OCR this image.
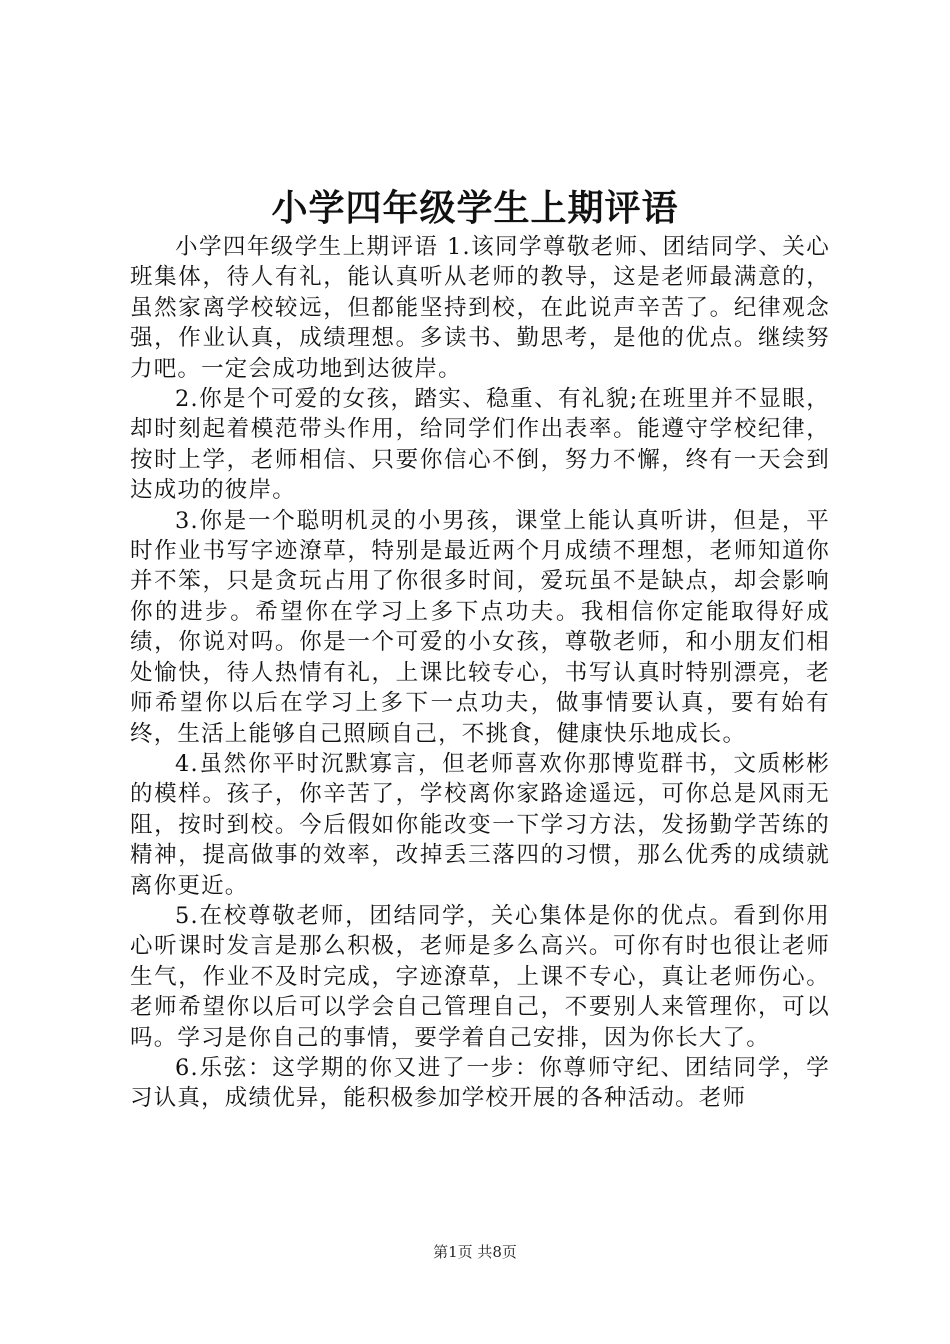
小学四年级学生上期评语

小学四年级学生上期评语 1.该同学尊敬老师、团结同学、关心班集体，待人有礼，能认真听从老师的教导，这是老师最满意的，虽然家离学校较远，但都能坚持到校，在此说声辛苦了。纪律观念强，作业认真，成绩理想。多读书、勤思考，是他的优点。继续努力吧。一定会成功地到达彼岸。

2.你是个可爱的女孩，踏实、稳重、有礼貌;在班里并不显眼，却时刻起着模范带头作用，给同学们作出表率。能遵守学校纪律，按时上学，老师相信、只要你信心不倒，努力不懈，终有一天会到达成功的彼岸。

3.你是一个聪明机灵的小男孩，课堂上能认真听讲，但是，平时作业书写字迹潦草，特别是最近两个月成绩不理想，老师知道你并不笨，只是贪玩占用了你很多时间，爱玩虽不是缺点，却会影响你的进步。希望你在学习上多下点功夫。我相信你定能取得好成绩，你说对吗。你是一个可爱的小女孩，尊敬老师，和小朋友们相处愉快，待人热情有礼，上课比较专心，书写认真时特别漂亮，老师希望你以后在学习上多下一点功夫，做事情要认真，要有始有终，生活上能够自己照顾自己，不挑食，健康快乐地成长。

4.虽然你平时沉默寡言，但老师喜欢你那博览群书，文质彬彬的模样。孩子，你辛苦了，学校离你家路途遥远，可你总是风雨无阻，按时到校。今后假如你能改变一下学习方法，发扬勤学苦练的精神，提高做事的效率，改掉丢三落四的习惯，那么优秀的成绩就离你更近。

5.在校尊敬老师，团结同学，关心集体是你的优点。看到你用心听课时发言是那么积极，老师是多么高兴。可你有时也很让老师生气，作业不及时完成，字迹潦草，上课不专心，真让老师伤心。老师希望你以后可以学会自己管理自己，不要别人来管理你，可以吗。学习是你自己的事情，要学着自己安排，因为你长大了。

6.乐弦：这学期的你又进了一步：你尊师守纪、团结同学，学习认真，成绩优异，能积极参加学校开展的各种活动。老师

第1页 共8页
